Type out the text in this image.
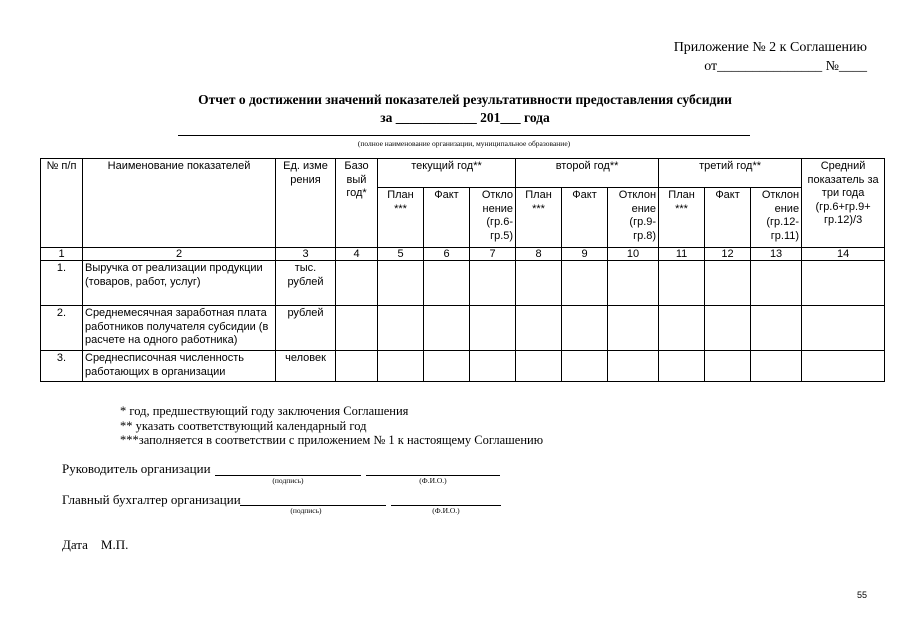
Приложение № 2 к Соглашению
от_______________ №____
Отчет о достижении значений показателей результативности предоставления субсидии
за ____________ 201___ года
(полное наименование организации, муниципальное образование)
№ п/п	Наименование показателей	Ед. изме рения	Базо вый год*	текущий год**			второй год**			третий год**			Средний показатель за три года (гр.6+гр.9+ гр.12)/3
				План ***	Факт	Откло нение (гр.6- гр.5)	План ***	Факт	Отклон ение (гр.9- гр.8)	План ***	Факт	Отклон ение (гр.12- гр.11)	
1	2	3	4	5	6	7	8	9	10	11	12	13	14
1.	Выручка от реализации продукции (товаров, работ, услуг)	тыс. рублей											
2.	Среднемесячная заработная плата работников получателя субсидии (в расчете на одного работника)	рублей											
3.	Среднесписочная численность работающих в организации	человек											
* год, предшествующий году заключения Соглашения
** указать соответствующий календарный год
***заполняется в соответствии с приложением № 1 к настоящему Соглашению
Руководитель организации
(подпись)	(Ф.И.О.)
Главный бухгалтер организации
(подпись)	(Ф.И.О.)
Дата    М.П.
55
